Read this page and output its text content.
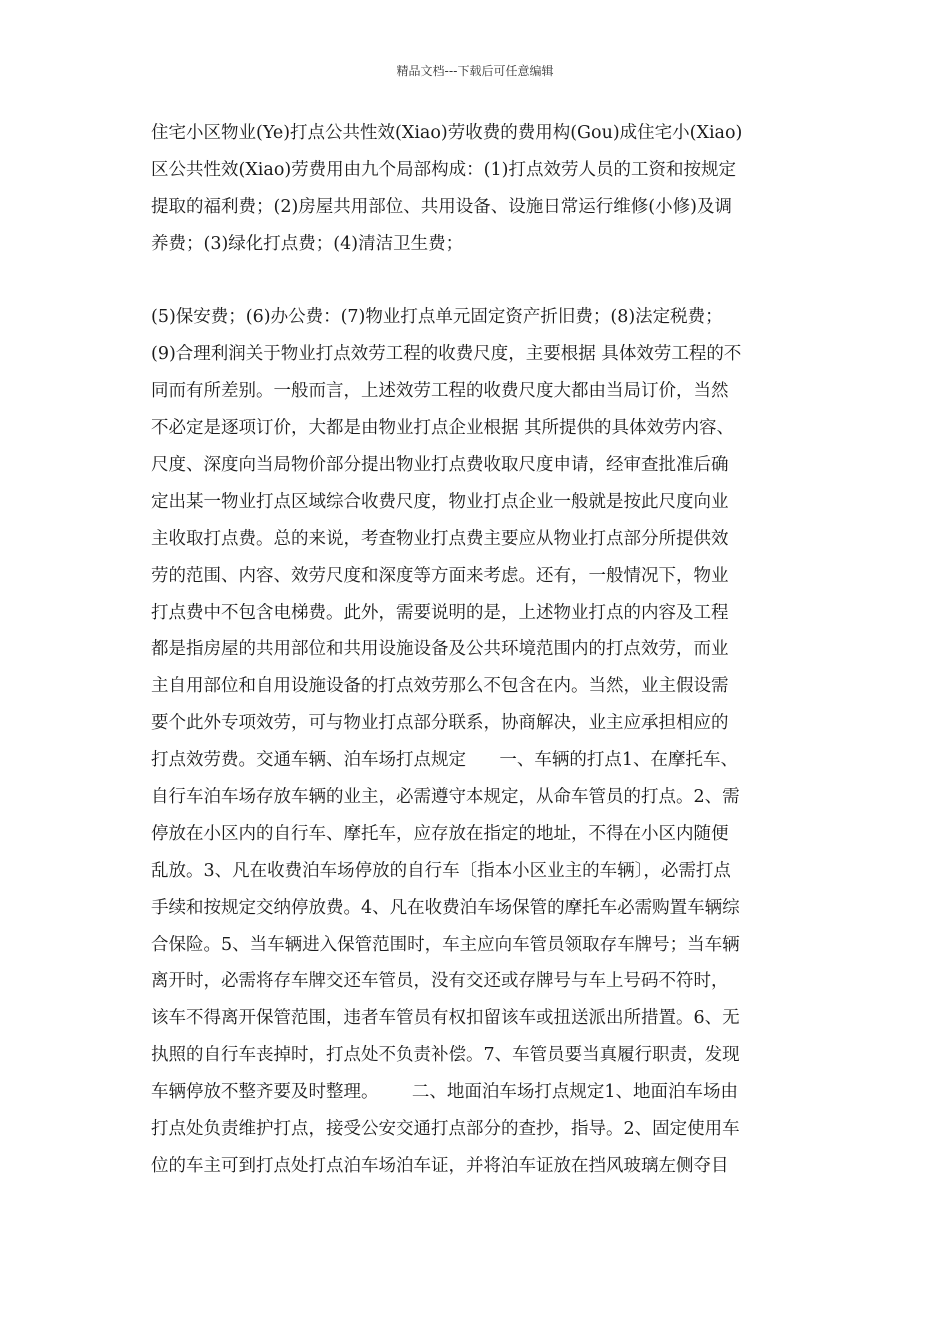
精品文档---下载后可任意编辑
住宅小区物业(Ye)打点公共性效(Xiao)劳收费的费用构(Gou)成住宅小(Xiao)
区公共性效(Xiao)劳费用由九个局部构成：(1)打点效劳人员的工资和按规定
提取的福利费；(2)房屋共用部位、共用设备、设施日常运行维修(小修)及调
养费；(3)绿化打点费；(4)清洁卫生费；
(5)保安费；(6)办公费：(7)物业打点单元固定资产折旧费；(8)法定税费；
(9)合理利润关于物业打点效劳工程的收费尺度，主要根据 具体效劳工程的不
同而有所差别。一般而言，上述效劳工程的收费尺度大都由当局订价，当然
不必定是逐项订价，大都是由物业打点企业根据 其所提供的具体效劳内容、
尺度、深度向当局物价部分提出物业打点费收取尺度申请，经审查批准后确
定出某一物业打点区域综合收费尺度，物业打点企业一般就是按此尺度向业
主收取打点费。总的来说，考查物业打点费主要应从物业打点部分所提供效
劳的范围、内容、效劳尺度和深度等方面来考虑。还有，一般情况下，物业
打点费中不包含电梯费。此外，需要说明的是，上述物业打点的内容及工程
都是指房屋的共用部位和共用设施设备及公共环境范围内的打点效劳，而业
主自用部位和自用设施设备的打点效劳那么不包含在内。当然，业主假设需
要个此外专项效劳，可与物业打点部分联系，协商解决，业主应承担相应的
打点效劳费。交通车辆、泊车场打点规定      一、车辆的打点1、在摩托车、
自行车泊车场存放车辆的业主，必需遵守本规定，从命车管员的打点。2、需
停放在小区内的自行车、摩托车，应存放在指定的地址，不得在小区内随便
乱放。3、凡在收费泊车场停放的自行车〔指本小区业主的车辆〕，必需打点
手续和按规定交纳停放费。4、凡在收费泊车场保管的摩托车必需购置车辆综
合保险。5、当车辆进入保管范围时，车主应向车管员领取存车牌号；当车辆
离开时，必需将存车牌交还车管员，没有交还或存牌号与车上号码不符时，
该车不得离开保管范围，违者车管员有权扣留该车或扭送派出所措置。6、无
执照的自行车丧掉时，打点处不负责补偿。7、车管员要当真履行职责，发现
车辆停放不整齐要及时整理。      二、地面泊车场打点规定1、地面泊车场由
打点处负责维护打点，接受公安交通打点部分的查抄，指导。2、固定使用车
位的车主可到打点处打点泊车场泊车证，并将泊车证放在挡风玻璃左侧夺目
